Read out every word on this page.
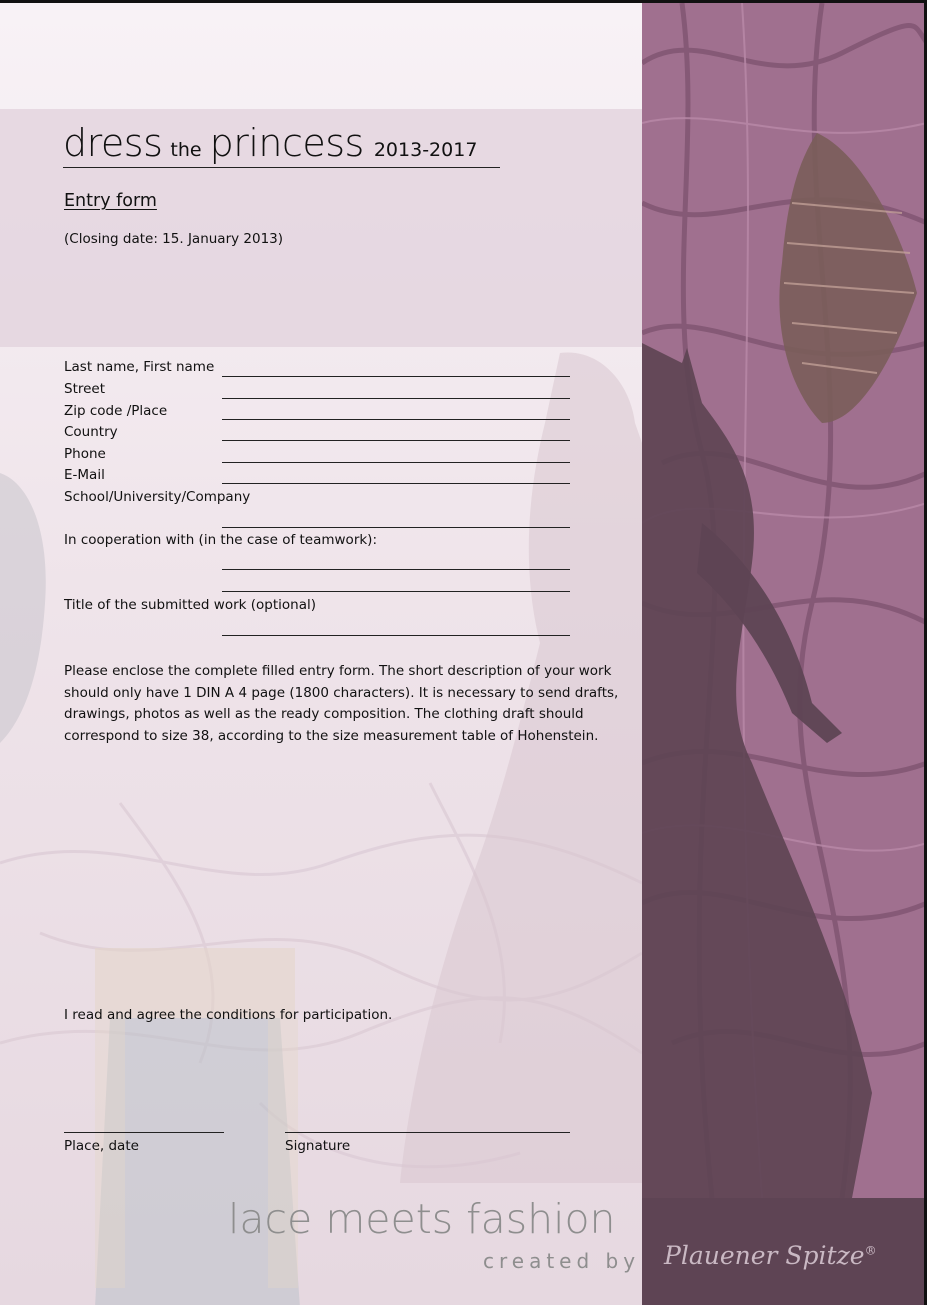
dress the princess 2013-2017
Entry form
(Closing date: 15. January 2013)
Last name, First name
Street
Zip code /Place
Country
Phone
E-Mail
School/University/Company
In cooperation with (in the case of teamwork):
Title of the submitted work (optional)
Please enclose the complete filled entry form. The short description of your work should only have 1 DIN A 4 page (1800 characters). It is necessary to send drafts, drawings, photos as well as the ready composition. The clothing draft should correspond to size 38, according to the size measurement table of Hohenstein.
I read and agree the conditions for participation.
Place, date	Signature
lace meets fashion
created by Plauener Spitze®
